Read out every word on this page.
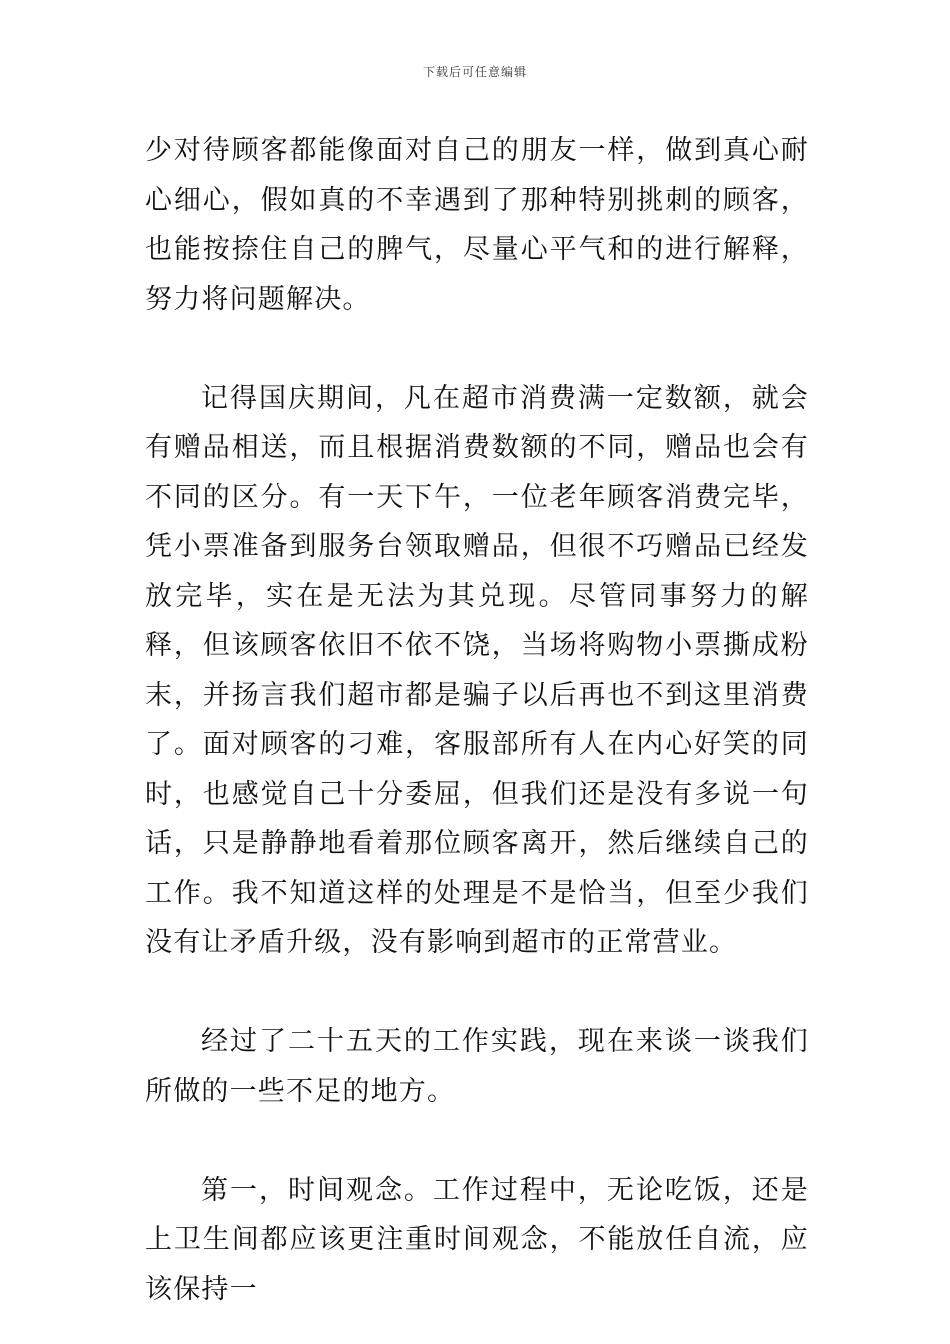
下载后可任意编辑

少对待顾客都能像面对自己的朋友一样，做到真心耐心细心，假如真的不幸遇到了那种特别挑刺的顾客，也能按捺住自己的脾气，尽量心平气和的进行解释，努力将问题解决。

记得国庆期间，凡在超市消费满一定数额，就会有赠品相送，而且根据消费数额的不同，赠品也会有不同的区分。有一天下午，一位老年顾客消费完毕，凭小票准备到服务台领取赠品，但很不巧赠品已经发放完毕，实在是无法为其兑现。尽管同事努力的解释，但该顾客依旧不依不饶，当场将购物小票撕成粉末，并扬言我们超市都是骗子以后再也不到这里消费了。面对顾客的刁难，客服部所有人在内心好笑的同时，也感觉自己十分委屈，但我们还是没有多说一句话，只是静静地看着那位顾客离开，然后继续自己的工作。我不知道这样的处理是不是恰当，但至少我们没有让矛盾升级，没有影响到超市的正常营业。

经过了二十五天的工作实践，现在来谈一谈我们所做的一些不足的地方。

第一，时间观念。工作过程中，无论吃饭，还是上卫生间都应该更注重时间观念，不能放任自流，应该保持一
